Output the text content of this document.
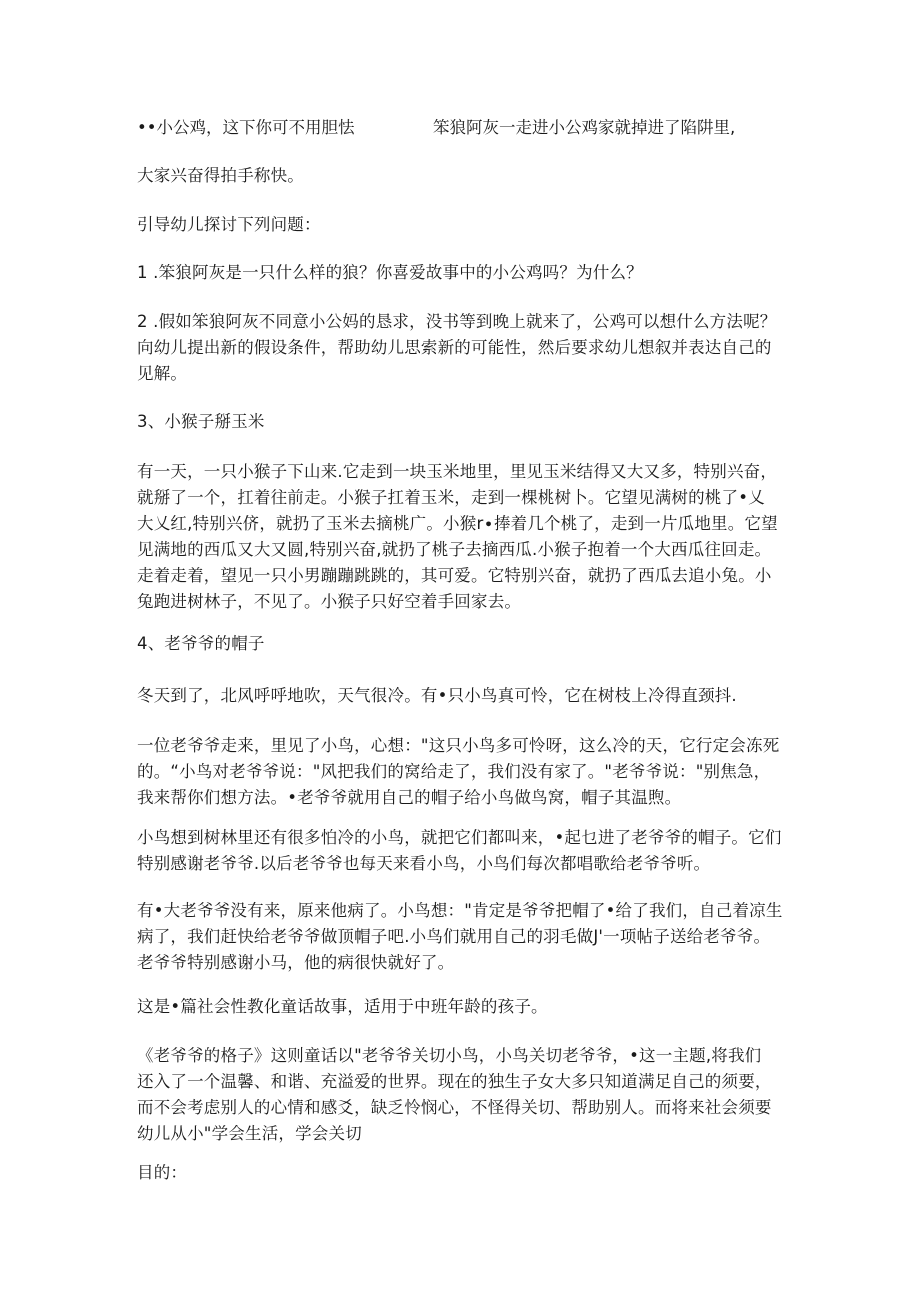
••小公鸡，这下你可不用胆怯	笨狼阿灰一走进小公鸡家就掉进了陷阱里,

大家兴奋得拍手称快。

引导幼儿探讨下列问题：

1 .笨狼阿灰是一只什么样的狼？你喜爱故事中的小公鸡吗？为什么？

2 .假如笨狼阿灰不同意小公妈的恳求，没书等到晚上就来了，公鸡可以想什么方法呢？
向幼儿提出新的假设条件，帮助幼儿思索新的可能性，然后要求幼儿想叙并表达自己的
见解。

3、小猴子掰玉米

有一天，一只小猴子下山来.它走到一块玉米地里，里见玉米结得又大又多，特别兴奋，
就掰了一个，扛着往前走。小猴子扛着玉米，走到一棵桃树卜。它望见满树的桃了•乂
大乂红,特别兴侪，就扔了玉米去摘桃广。小猴r∙捧着几个桃了，走到一片瓜地里。它望
见满地的西瓜又大又圆,特别兴奋,就扔了桃子去摘西瓜.小猴子抱着一个大西瓜往回走。
走着走着，望见一只小男蹦蹦跳跳的，其可爱。它特别兴奋，就扔了西瓜去追小兔。小
兔跑进树林子，不见了。小猴子只好空着手回家去。

4、老爷爷的帽子

冬天到了，北风呼呼地吹，天气很冷。有•只小鸟真可怜，它在树枝上冷得直颈抖.

一位老爷爷走来，里见了小鸟，心想："这只小鸟多可怜呀，这么冷的天，它行定会冻死
的。“小鸟对老爷爷说："风把我们的窝给走了，我们没有家了。"老爷爷说："别焦急，
我来帮你们想方法。•老爷爷就用自己的帽子给小鸟做鸟窝，帽子其温煦。

小鸟想到树林里还有很多怕冷的小鸟，就把它们都叫来，•起乜进了老爷爷的帽子。它们
特别感谢老爷爷.以后老爷爷也每天来看小鸟，小鸟们每次都唱歌给老爷爷听。

有•大老爷爷没有来，原来他病了。小鸟想："肯定是爷爷把帽了•给了我们，自己着凉生
病了，我们赶快给老爷爷做顶帽子吧.小鸟们就用自己的羽毛做J'一项帖子送给老爷爷。
老爷爷特别感谢小马，他的病很快就好了。

这是•篇社会性教化童话故事，适用于中班年龄的孩子。

《老爷爷的格子》这则童话以"老爷爷关切小鸟，小鸟关切老爷爷，•这一主题,将我们
还入了一个温馨、和谐、充溢爱的世界。现在的独生子女大多只知道满足自己的须要，
而不会考虑别人的心情和感爻，缺乏怜悯心，不怪得关切、帮助别人。而将来社会须要
幼儿从小"学会生活，学会关切

目的：
